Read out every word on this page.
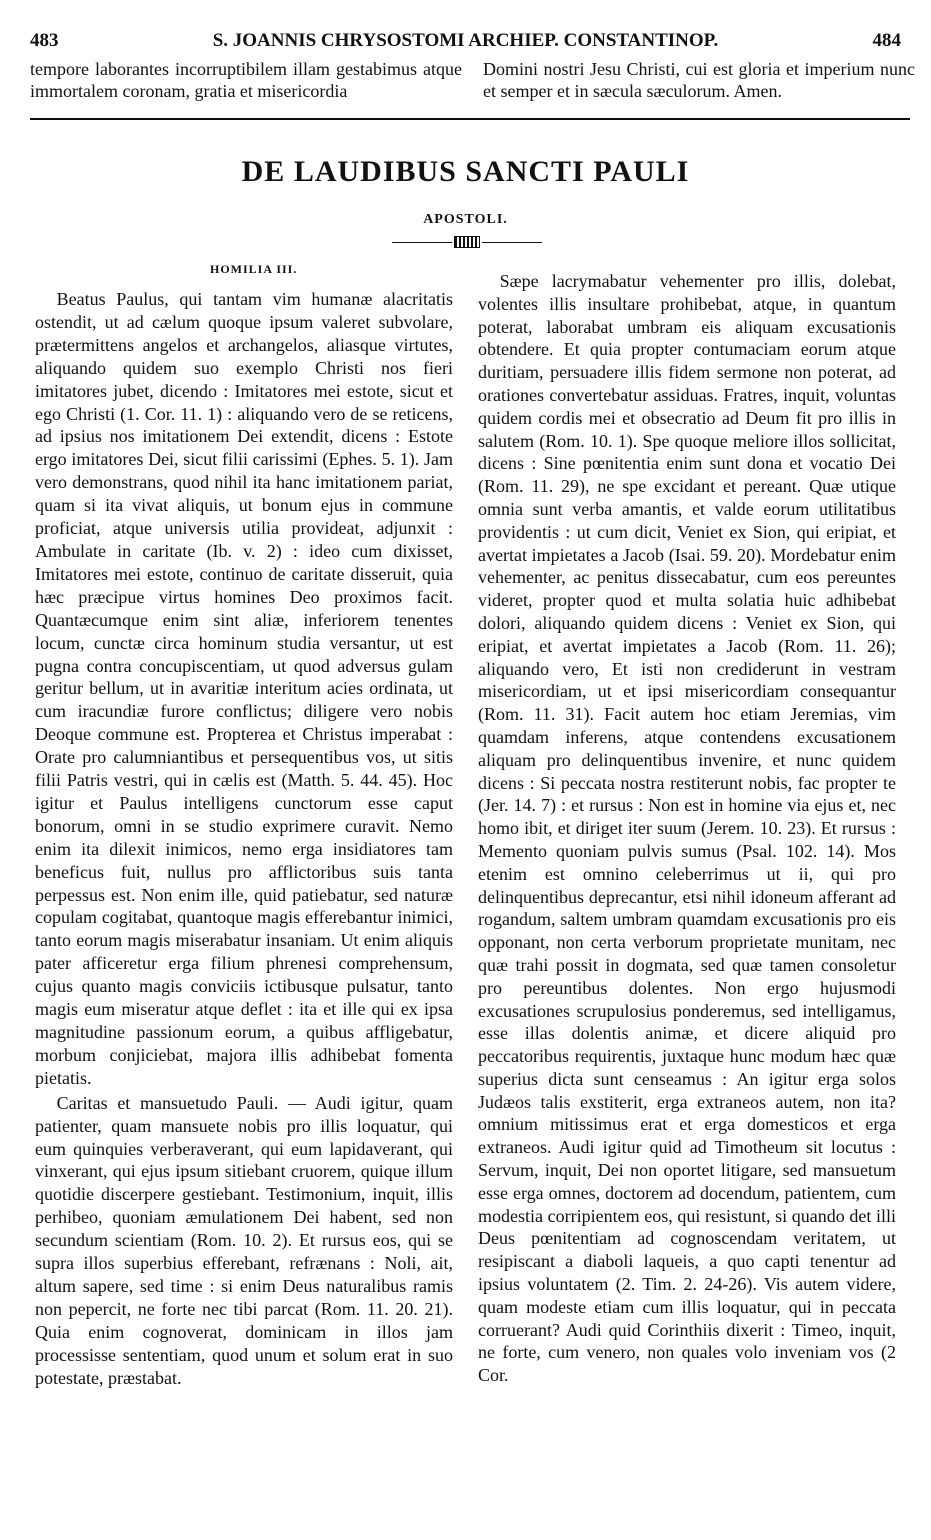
483	S. JOANNIS CHRYSOSTOMI ARCHIEP. CONSTANTINOP.	484
tempore laborantes incorruptibilem illam gestabimus atque immortalem coronam, gratia et misericordia
Domini nostri Jesu Christi, cui est gloria et imperium nunc et semper et in sæcula sæculorum. Amen.
DE LAUDIBUS SANCTI PAULI
APOSTOLI.
HOMILIA III.

Beatus Paulus, qui tantam vim humanæ alacritatis ostendit, ut ad cælum quoque ipsum valeret subvolare, prætermittens angelos et archangelos, aliasque virtutes, aliquando quidem suo exemplo Christi nos fieri imitatores jubet, dicendo : Imitatores mei estote, sicut et ego Christi (1. Cor. 11. 1) : aliquando vero de se reticens, ad ipsius nos imitationem Dei extendit, dicens : Estote ergo imitatores Dei, sicut filii carissimi (Ephes. 5. 1). Jam vero demonstrans, quod nihil ita hanc imitationem pariat, quam si ita vivat aliquis, ut bonum ejus in commune proficiat, atque universis utilia provideat, adjunxit : Ambulate in caritate (Ib. v. 2) : ideo cum dixisset, Imitatores mei estote, continuo de caritate disseruit, quia hæc præcipue virtus homines Deo proximos facit. Quantæcumque enim sint aliæ, inferiorem tenentes locum, cunctæ circa hominum studia versantur, ut est pugna contra concupiscentiam, ut quod adversus gulam geritur bellum, ut in avaritiæ interitum acies ordinata, ut cum iracundiæ furore conflictus; diligere vero nobis Deoque commune est. Propterea et Christus imperabat : Orate pro calumniantibus et persequentibus vos, ut sitis filii Patris vestri, qui in cælis est (Matth. 5. 44. 45). Hoc igitur et Paulus intelligens cunctorum esse caput bonorum, omni in se studio exprimere curavit. Nemo enim ita dilexit inimicos, nemo erga insidiatores tam beneficus fuit, nullus pro afflictoribus suis tanta perpessus est. Non enim ille, quid patiebatur, sed naturæ copulam cogitabat, quantoque magis efferebantur inimici, tanto eorum magis miserabatur insaniam. Ut enim aliquis pater afficeretur erga filium phrenesi comprehensum, cujus quanto magis conviciis ictibusque pulsatur, tanto magis eum miseratur atque deflet : ita et ille qui ex ipsa magnitudine passionum eorum, a quibus affligebatur, morbum conjiciebat, majora illis adhibebat fomenta pietatis.

Caritas et mansuetudo Pauli. — Audi igitur, quam patienter, quam mansuete nobis pro illis loquatur, qui eum quinquies verberaverant, qui eum lapidaverant, qui vinxerant, qui ejus ipsum sitiebant cruorem, quique illum quotidie discerpere gestiebant. Testimonium, inquit, illis perhibeo, quoniam æmulationem Dei habent, sed non secundum scientiam (Rom. 10. 2). Et rursus eos, qui se supra illos superbius efferebant, refrænans : Noli, ait, altum sapere, sed time : si enim Deus naturalibus ramis non pepercit, ne forte nec tibi parcat (Rom. 11. 20. 21). Quia enim cognoverat, dominicam in illos jam processisse sententiam, quod unum et solum erat in suo potestate, præstabat.

Sæpe lacrymabatur vehementer pro illis, dolebat, volentes illis insultare prohibebat, atque, in quantum poterat, laborabat umbram eis aliquam excusationis obtendere. Et quia propter contumaciam eorum atque duritiam, persuadere illis fidem sermone non poterat, ad orationes convertebatur assiduas. Fratres, inquit, voluntas quidem cordis mei et obsecratio ad Deum fit pro illis in salutem (Rom. 10. 1). Spe quoque meliore illos sollicitat, dicens : Sine pœnitentia enim sunt dona et vocatio Dei (Rom. 11. 29), ne spe excidant et pereant. Quæ utique omnia sunt verba amantis, et valde eorum utilitatibus providentis : ut cum dicit, Veniet ex Sion, qui eripiat, et avertat impietates a Jacob (Isai. 59. 20). Mordebatur enim vehementer, ac penitus dissecabatur, cum eos pereuntes videret, propter quod et multa solatia huic adhibebat dolori, aliquando quidem dicens : Veniet ex Sion, qui eripiat, et avertat impietates a Jacob (Rom. 11. 26); aliquando vero, Et isti non crediderunt in vestram misericordiam, ut et ipsi misericordiam consequantur (Rom. 11. 31). Facit autem hoc etiam Jeremias, vim quamdam inferens, atque contendens excusationem aliquam pro delinquentibus invenire, et nunc quidem dicens : Si peccata nostra restiterunt nobis, fac propter te (Jer. 14. 7) : et rursus : Non est in homine via ejus et, nec homo ibit, et diriget iter suum (Jerem. 10. 23). Et rursus : Memento quoniam pulvis sumus (Psal. 102. 14). Mos etenim est omnino celeberrimus ut ii, qui pro delinquentibus deprecantur, etsi nihil idoneum afferant ad rogandum, saltem umbram quamdam excusationis pro eis opponant, non certa verborum proprietate munitam, nec quæ trahi possit in dogmata, sed quæ tamen consoletur pro pereuntibus dolentes. Non ergo hujusmodi excusationes scrupulosius ponderemus, sed intelligamus, esse illas dolentis animæ, et dicere aliquid pro peccatoribus requirentis, juxtaque hunc modum hæc quæ superius dicta sunt censeamus : An igitur erga solos Judæos talis exstiterit, erga extraneos autem, non ita? omnium mitissimus erat et erga domesticos et erga extraneos. Audi igitur quid ad Timotheum sit locutus : Servum, inquit, Dei non oportet litigare, sed mansuetum esse erga omnes, doctorem ad docendum, patientem, cum modestia corripientem eos, qui resistunt, si quando det illi Deus pœnitentiam ad cognoscendam veritatem, ut resipiscant a diaboli laqueis, a quo capti tenentur ad ipsius voluntatem (2. Tim. 2. 24-26). Vis autem videre, quam modeste etiam cum illis loquatur, qui in peccata corruerant? Audi quid Corinthiis dixerit : Timeo, inquit, ne forte, cum venero, non quales volo inveniam vos (2 Cor.
